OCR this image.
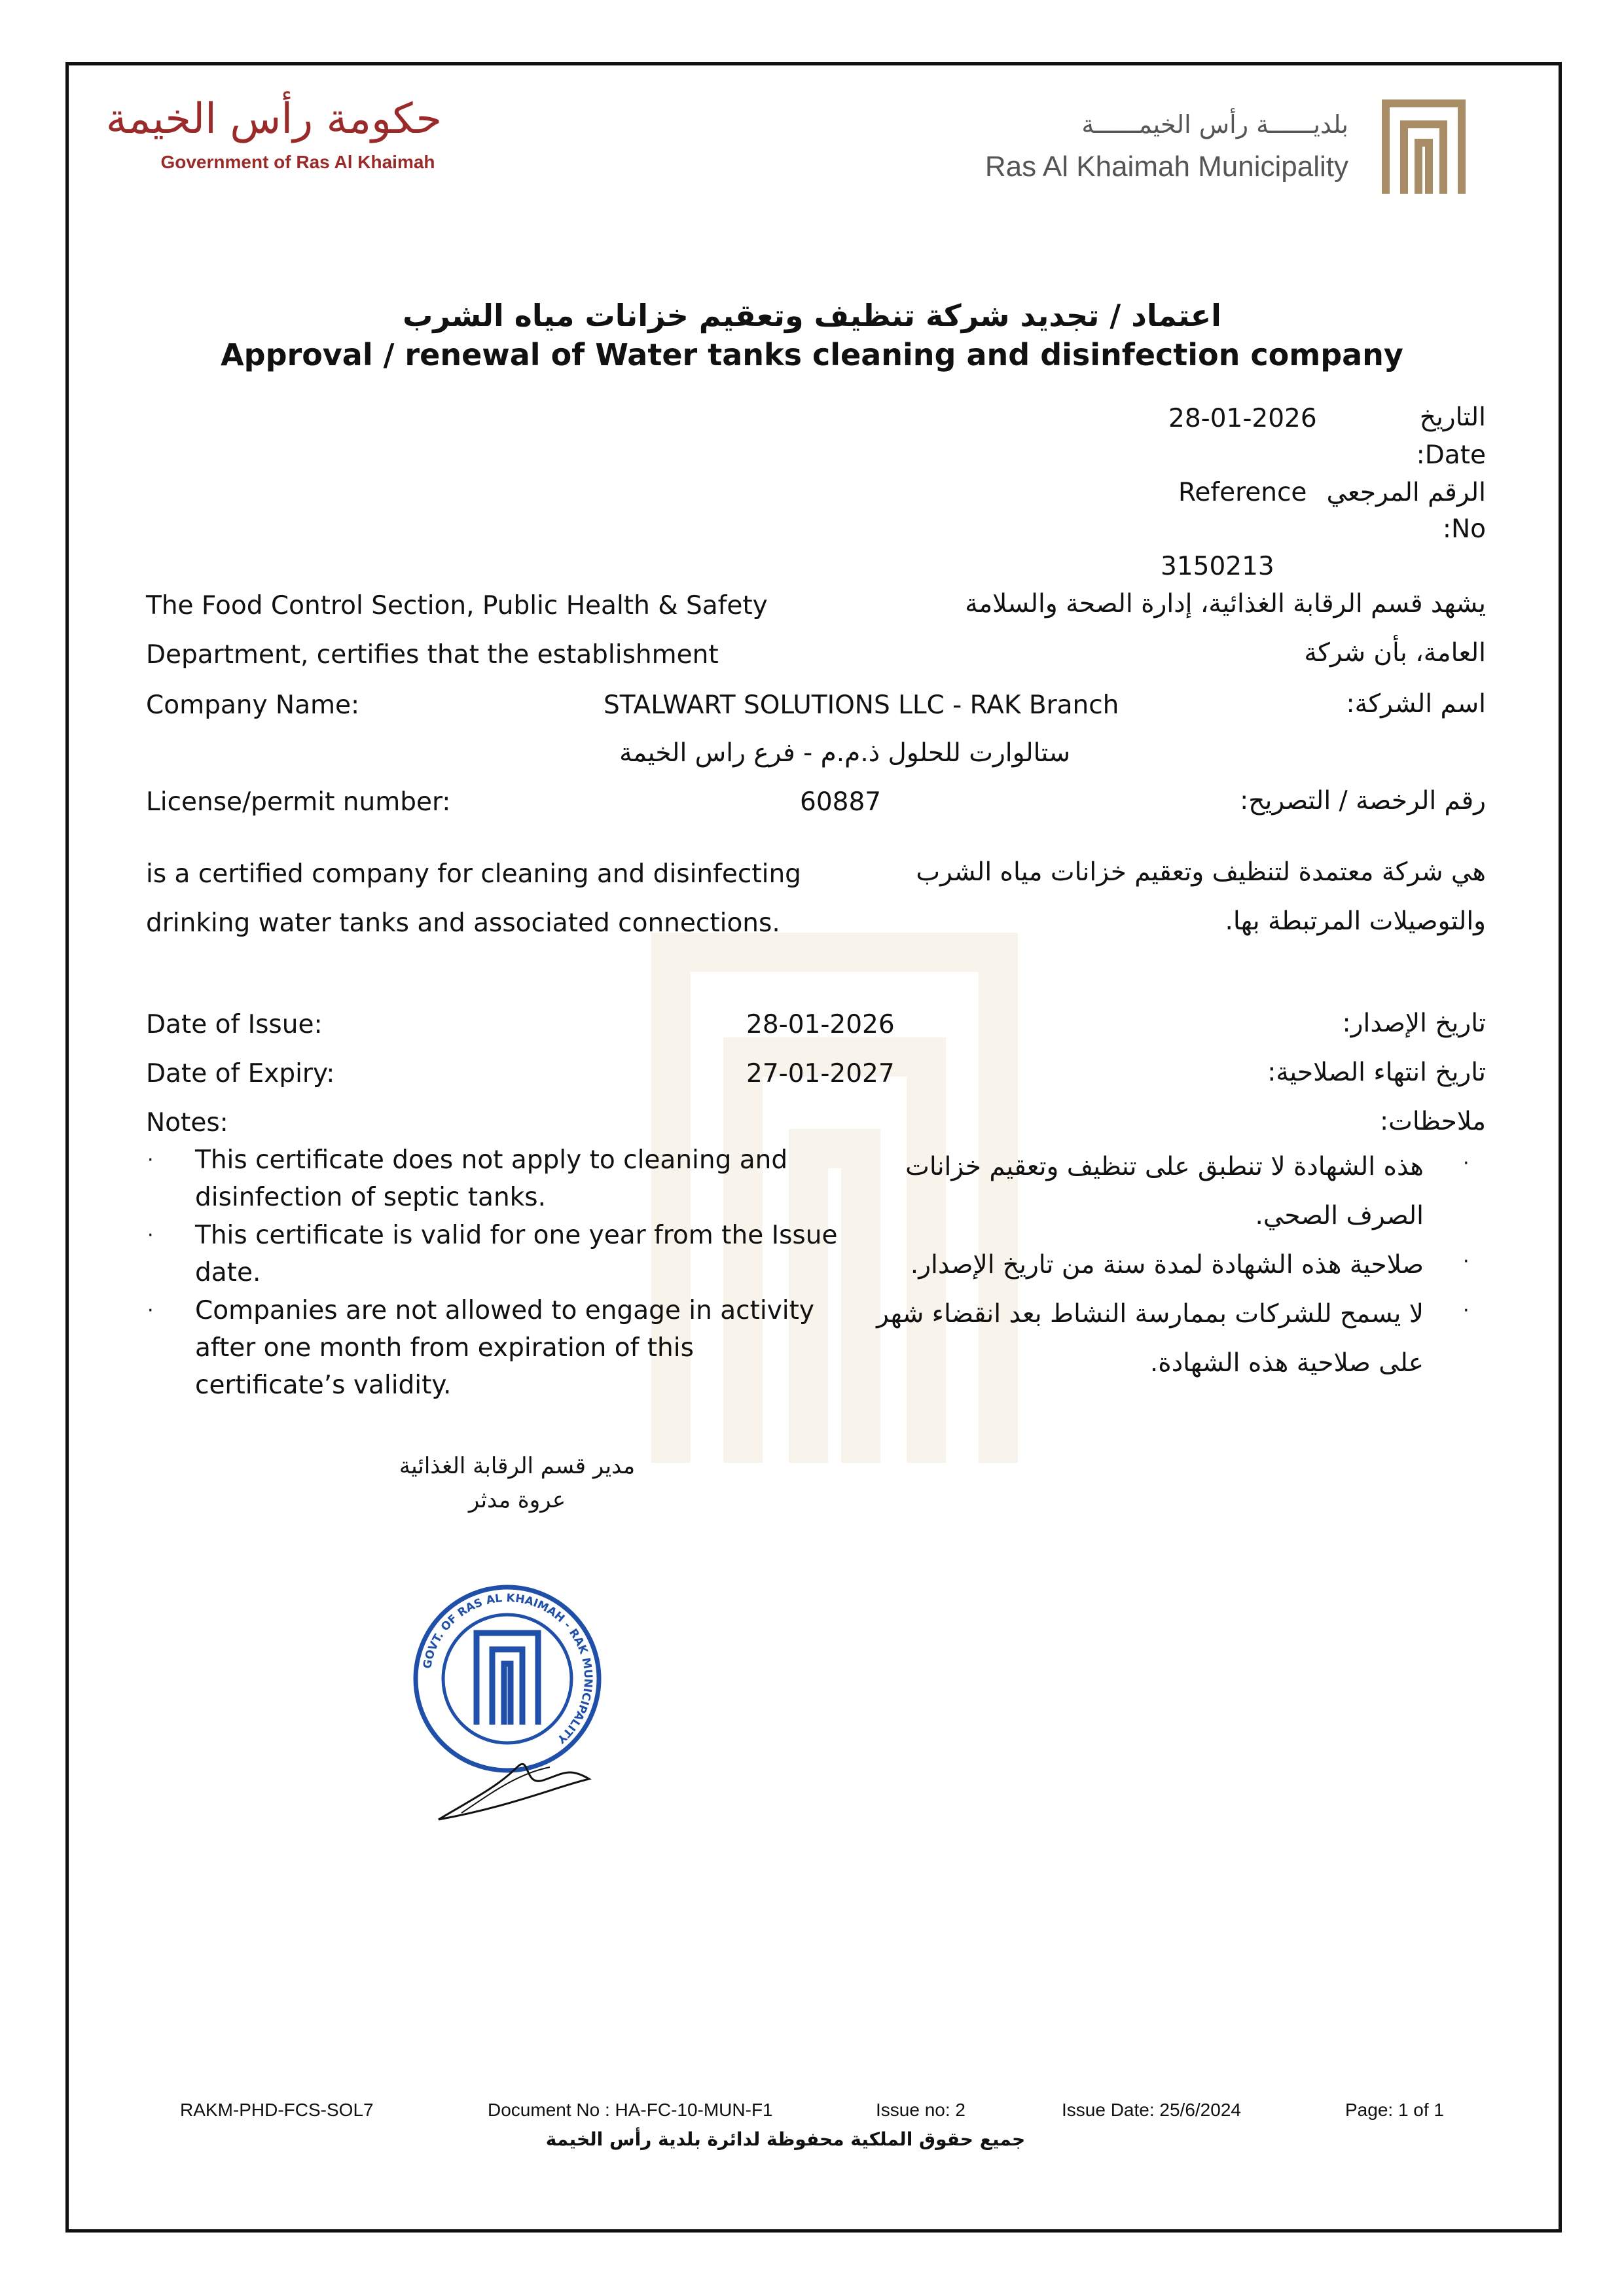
حكومة رأس الخيمة
Government of Ras Al Khaimah
بلديــــــة رأس الخيمــــــة
Ras Al Khaimah Municipality
اعتماد / تجديد شركة تنظيف وتعقيم خزانات مياه الشرب
Approval / renewal of Water tanks cleaning and disinfection company
28-01-2026	التاريخ
:Date
Reference الرقم المرجعي
:No
3150213
The Food Control Section, Public Health & Safety
Department, certifies that the establishment
يشهد قسم الرقابة الغذائية، إدارة الصحة والسلامة
العامة، بأن شركة
Company Name:	STALWART SOLUTIONS LLC - RAK Branch	اسم الشركة:
ستالوارت للحلول ذ.م.م - فرع راس الخيمة
License/permit number:	60887	رقم الرخصة / التصريح:
is a certified company for cleaning and disinfecting
drinking water tanks and associated connections.
هي شركة معتمدة لتنظيف وتعقيم خزانات مياه الشرب
والتوصيلات المرتبطة بها.
Date of Issue:	28-01-2026	تاريخ الإصدار:
Date of Expiry:	27-01-2027	تاريخ انتهاء الصلاحية:
Notes:	ملاحظات:
· This certificate does not apply to cleaning and
disinfection of septic tanks.
· This certificate is valid for one year from the Issue
date.
· Companies are not allowed to engage in activity
after one month from expiration of this
certificate’s validity.
·
هذه الشهادة لا تنطبق على تنظيف وتعقيم خزانات
الصرف الصحي.
·
صلاحية هذه الشهادة لمدة سنة من تاريخ الإصدار.
·
لا يسمح للشركات بممارسة النشاط بعد انقضاء شهر
على صلاحية هذه الشهادة.
مدير قسم الرقابة الغذائية
عروة مدثر
GOVT. OF RAS AL KHAIMAH - RAK MUNICIPALITY
RAKM-PHD-FCS-SOL7	Document No : HA-FC-10-MUN-F1	Issue no: 2	Issue Date: 25/6/2024	Page: 1 of 1
جميع حقوق الملكية محفوظة لدائرة بلدية رأس الخيمة
